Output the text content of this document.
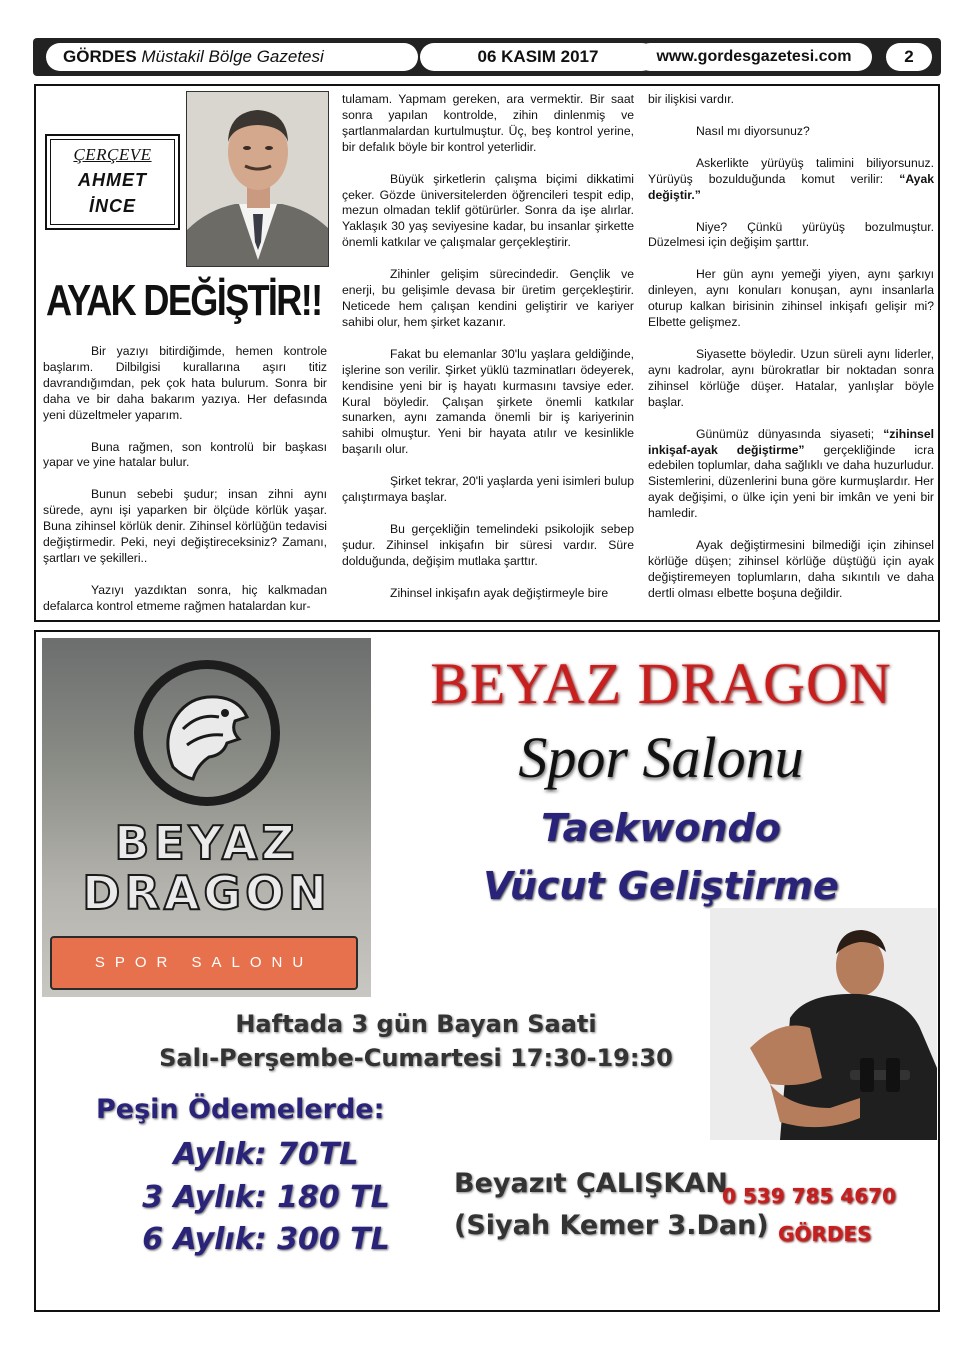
GÖRDES Müstakil Bölge Gazetesi	06 KASIM 2017	www.gordesgazetesi.com	2
ÇERÇEVE
AHMET
İNCE
AYAK DEĞİŞTİR!!

Bir yazıyı bitirdiğimde, hemen kontrole başlarım. Dilbilgisi kurallarına aşırı titiz davrandığımdan, pek çok hata bulurum. Sonra bir daha ve bir daha bakarım yazıya. Her defasında yeni düzeltmeler yaparım.

Buna rağmen, son kontrolü bir başkası yapar ve yine hatalar bulur.

Bunun sebebi şudur; insan zihni aynı sürede, aynı işi yaparken bir ölçüde körlük yaşar. Buna zihinsel körlük denir. Zihinsel körlüğün tedavisi değiştirmedir. Peki, neyi değiştireceksiniz? Zamanı, şartları ve şekilleri..

Yazıyı yazdıktan sonra, hiç kalkmadan defalarca kontrol etmeme rağmen hatalardan kur-

tulamam. Yapmam gereken, ara vermektir. Bir saat sonra yapılan kontrolde, zihin dinlenmiş ve şartlanmalardan kurtulmuştur. Üç, beş kontrol yerine, bir defalık böyle bir kontrol yeterlidir.

Büyük şirketlerin çalışma biçimi dikkatimi çeker. Gözde üniversitelerden öğrencileri tespit edip, mezun olmadan teklif götürürler. Sonra da işe alırlar. Yaklaşık 30 yaş seviyesine kadar, bu insanlar şirkette önemli katkılar ve çalışmalar gerçekleştirir.

Zihinler gelişim sürecindedir. Gençlik ve enerji, bu gelişimle devasa bir üretim gerçekleştirir. Neticede hem çalışan kendini geliştirir ve kariyer sahibi olur, hem şirket kazanır.

Fakat bu elemanlar 30'lu yaşlara geldiğinde, işlerine son verilir. Şirket yüklü tazminatları ödeyerek, kendisine yeni bir iş hayatı kurmasını tavsiye eder. Kural böyledir. Çalışan şirkete önemli katkılar sunarken, aynı zamanda önemli bir iş kariyerinin sahibi olmuştur. Yeni bir hayata atılır ve kesinlikle başarılı olur.

Şirket tekrar, 20'li yaşlarda yeni isimleri bulup çalıştırmaya başlar.

Bu gerçekliğin temelindeki psikolojik sebep şudur. Zihinsel inkişafın bir süresi vardır. Süre dolduğunda, değişim mutlaka şarttır.

Zihinsel inkişafın ayak değiştirmeyle bire

bir ilişkisi vardır.

Nasıl mı diyorsunuz?

Askerlikte yürüyüş talimini biliyorsunuz. Yürüyüş bozulduğunda komut verilir: “Ayak değiştir.”

Niye? Çünkü yürüyüş bozulmuştur. Düzelmesi için değişim şarttır.

Her gün aynı yemeği yiyen, aynı şarkıyı dinleyen, aynı konuları konuşan, aynı insanlarla oturup kalkan birisinin zihinsel inkişafı gelişir mi? Elbette gelişmez.

Siyasette böyledir. Uzun süreli aynı liderler, aynı kadrolar, aynı bürokratlar bir noktadan sonra zihinsel körlüğe düşer. Hatalar, yanlışlar böyle başlar.

Günümüz dünyasında siyaseti; “zihinsel inkişaf-ayak değiştirme” gerçekliğinde icra edebilen toplumlar, daha sağlıklı ve daha huzurludur. Sistemlerini, düzenlerini buna göre kurmuşlardır. Her ayak değişimi, o ülke için yeni bir imkân ve yeni bir hamledir.

Ayak değiştirmesini bilmediği için zihinsel körlüğe düşen; zihinsel körlüğe düştüğü için ayak değiştiremeyen toplumların, daha sıkıntılı ve daha dertli olması elbette boşuna değildir.

BEYAZ
DRAGON
SPOR SALONU
BEYAZ DRAGON
Spor Salonu
Taekwondo
Vücut Geliştirme
Haftada 3 gün Bayan Saati
Salı-Perşembe-Cumartesi 17:30-19:30
Peşin Ödemelerde:
Aylık: 70TL
3 Aylık: 180 TL
6 Aylık: 300 TL
Beyazıt ÇALIŞKAN
(Siyah Kemer 3.Dan)
0 539 785 4670
GÖRDES
